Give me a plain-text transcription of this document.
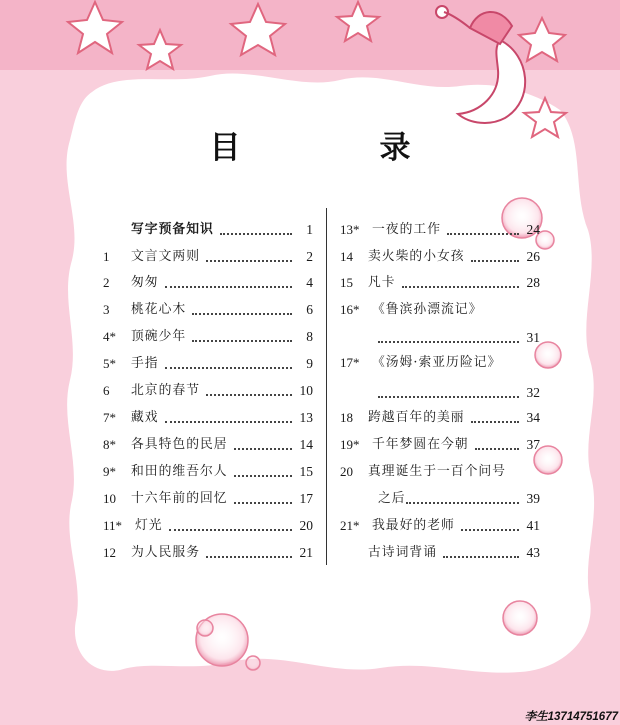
目　录
写字预备知识	1
1	文言文两则	2
2	匆匆	4
3	桃花心木	6
4*	顶碗少年	8
5*	手指	9
6	北京的春节	10
7*	藏戏	13
8*	各具特色的民居	14
9*	和田的维吾尔人	15
10	十六年前的回忆	17
11*	灯光	20
12	为人民服务	21
13* 一夜的工作	24
14	卖火柴的小女孩	26
15	凡卡	28
16* 《鲁滨孙漂流记》
31
17* 《汤姆·索亚历险记》
32
18	跨越百年的美丽	34
19* 千年梦圆在今朝	37
20	真理诞生于一百个问号
之后	39
21* 我最好的老师	41
古诗词背诵	43
李生13714751677
